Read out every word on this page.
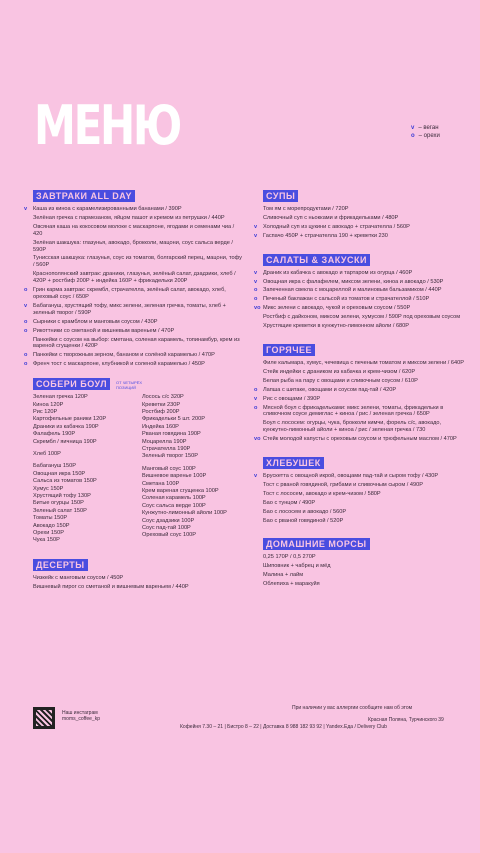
МЕНЮ	v – веган
o – орехи
ЗАВТРАКИ ALL DAY
v	Каша из киноа с карамелизированными бананами / 390Р
Зелёная гречка с пармезаном, яйцом пашот и кремом из петрушки / 440Р
Овсяная каша на кокосовом молоке с маскарпоне, ягодами и семенами чиа / 420
Зелёная шакшука: глазунья, авокадо, брокколи, мацони, соус сальса верде / 590Р
Тунисская шакшука: глазунья, соус из томатов, болгарский перец, мацони, тофу / 560Р
Краснополянский завтрак: драники, глазунья, зелёный салат, дзадзики, хлеб / 420Р + ростбиф 200Р + индейка 160Р + фрикадельки 200Р
o Грин карма завтрак: скрембл, страчателла, зелёный салат, авокадо, хлеб, ореховый соус / 650Р
v	Бабагануш, хрустящий тофу, микс зелени, зеленая гречка, томаты, хлеб + зеленый творог / 590Р
o Сырники с крамблом и манговым соусом / 430Р
o Рикоттники со сметаной и вишневым вареньем / 470Р
Панкейки с соусом на выбор: сметана, соленая карамель, топинамбур, крем из вареной сгущенки / 420Р
o Панкейки с творожным зерном, бананом и солёной карамелью / 470Р
o Френч тост с маскарпоне, клубникой и соленой карамелью / 450Р
СОБЕРИ БОУЛ	ОТ ЧЕТЫРЁХ ПОЗИЦИЙ
Зеленая гречка 120Р
Киноа 120Р
Рис 120Р
Картофельные раники 120Р
Драники из кабачка 190Р
Фалафель 190Р
Скрембл / яичница 190Р
Хлеб 100Р
Бабагануш 150Р
Овощная икра 150Р
Сальса из томатов 150Р
Хумус 150Р
Хрустящий тофу 130Р
Битые огурцы 150Р
Зеленый салат 150Р
Томаты 150Р
Авокадо 150Р
Орехи 150Р
Чука 150Р
Лосось с/с 320Р
Креветки 230Р
Ростбиф 200Р
Фрикадельки 5 шт. 200Р
Индейка 160Р
Рваная говядина 190Р
Моцарелла 190Р
Страчателла 190Р
Зеленый творог 150Р
Манговый соус 100Р
Вишневое варенье 100Р
Сметана 100Р
Крем вареная сгущенка 100Р
Соленая карамель 100Р
Соус сальса верде 100Р
Кунжутно-лимонный айоли 100Р
Соус дзадзики 100Р
Соус пад-тай 100Р
Ореховый соус 100Р
ДЕСЕРТЫ
Чизкейк с манговым соусом / 450Р
Вишневый пирог со сметаной и вишневым вареньем / 440Р
СУПЫ
Том ям с морепродуктами / 720Р
Сливочный суп с ньокками и фрикадельками / 480Р
v	Холодный суп из цукини с авокадо + страчателла / 560Р
v	Гаспачо 450Р + страчателла 190 + креветки 230
САЛАТЫ & ЗАКУСКИ
v	Драник из кабачка с авокадо и тартаром из огурца / 460Р
v	Овощная икра с фалафелем, миксом зелени, киноа и авокадо / 530Р
o Запеченная свекла с моцареллой и малиновым бальзамиком / 440Р
o Печеный баклажан с сальсой из томатов и страчателлой / 510Р
vo Микс зелени с авокадо, чукой и ореховым соусом / 550Р
Ростбиф с дайконом, миксом зелени, хумусом / 590Р под ореховым соусом
Хрустящие креветки в кунжутно-лимонном айоли / 680Р
ГОРЯЧЕЕ
Филе кальмара, хумус, чечевица с печеным томатом и миксом зелени / 640Р
Стейк индейки с драником из кабачка и крем-чизом / 620Р
Белая рыба на пару с овощами и сливочным соусом / 610Р
o Лапша с шитаке, овощами и соусом пад-тай / 420Р
v	Рис с овощами / 390Р
o Мясной боул с фрикадельками: микс зелени, томаты, фрикадельки в сливочном соусе демиглас + киноа / рис / зеленая гречка / 650Р
Боул с лососем: огурцы, чука, брокколи кимчи, форель с/с, авокадо, кунжутно-лимонный айоли + киноа / рис / зеленая гречка / 730
vo Стейк молодой капусты с ореховым соусом и трюфельным маслом / 470Р
ХЛЕБУШЕК
v	Брускетта с овощной икрой, овощами пад-тай и сыром тофу / 430Р
Тост с рваной говядиной, грибами и сливочным сыром / 490Р
Тост с лососем, авокадо и крем-чизом / 580Р
Бао с тунцом / 490Р
Бао с лососем и авокадо / 560Р
Бао с рваной говядиной / 520Р
ДОМАШНИЕ МОРСЫ
0,25 170Р / 0,5 270Р
Шиповник + чабрец и мёд
Малина + лайм
Облепиха + маракуйя
Наш инстаграм
moms_coffee_kp
При наличии у вас аллергии сообщите нам об этом
Красная Поляна, Турчинского 39
Кофейня 7.30 – 21 | Бистро 8 – 22 | Доставка 8 988 182 93 92 | Yandex.Еда / Delivery Club
